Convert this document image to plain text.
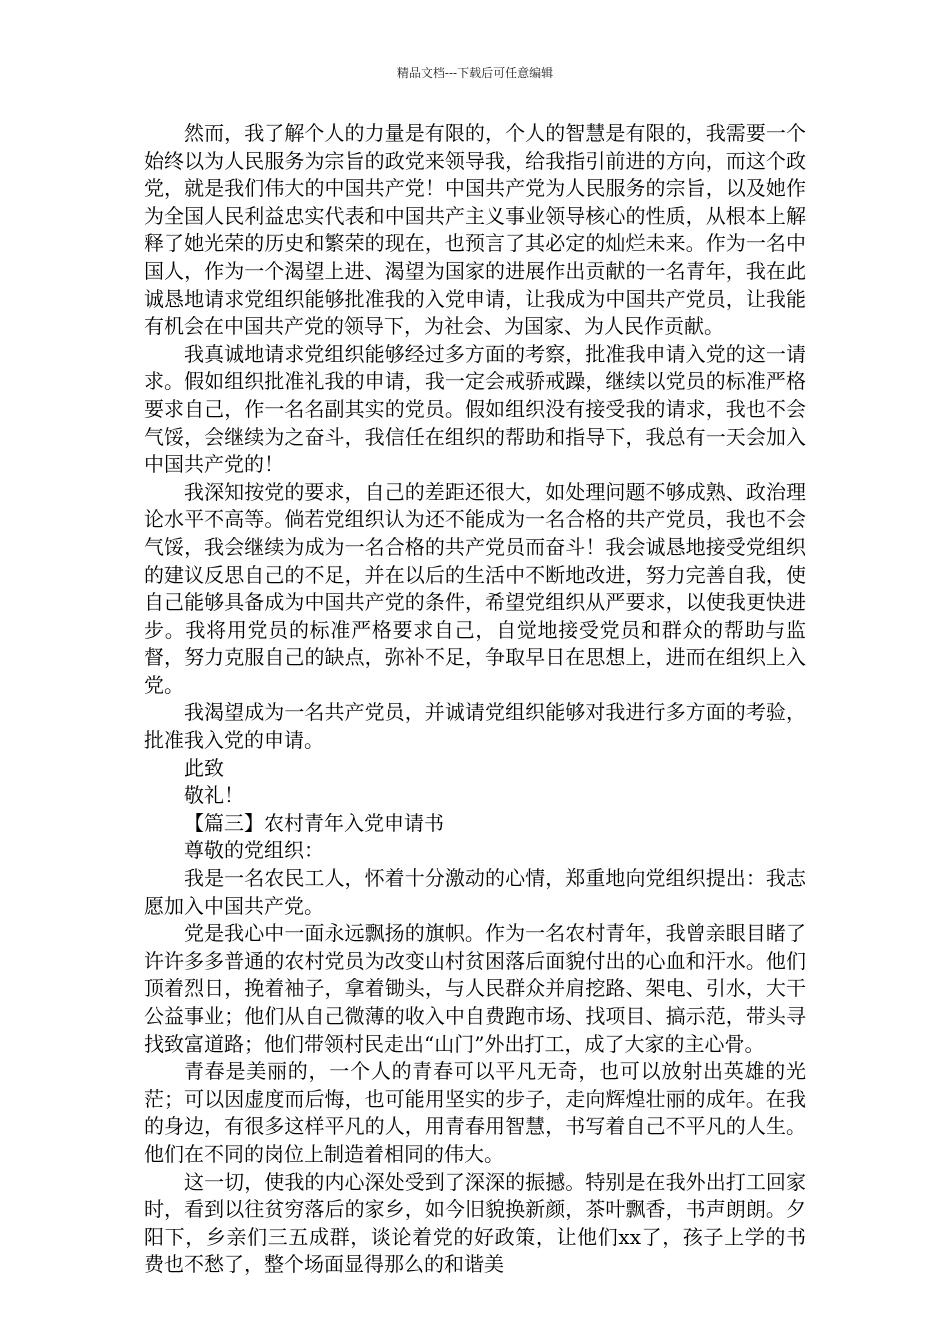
精品文档---下载后可任意编辑

然而，我了解个人的力量是有限的，个人的智慧是有限的，我需要一个始终以为人民服务为宗旨的政党来领导我，给我指引前进的方向，而这个政党，就是我们伟大的中国共产党！中国共产党为人民服务的宗旨，以及她作为全国人民利益忠实代表和中国共产主义事业领导核心的性质，从根本上解释了她光荣的历史和繁荣的现在，也预言了其必定的灿烂未来。作为一名中国人，作为一个渴望上进、渴望为国家的进展作出贡献的一名青年，我在此诚恳地请求党组织能够批准我的入党申请，让我成为中国共产党员，让我能有机会在中国共产党的领导下，为社会、为国家、为人民作贡献。

我真诚地请求党组织能够经过多方面的考察，批准我申请入党的这一请求。假如组织批准礼我的申请，我一定会戒骄戒躁，继续以党员的标准严格要求自己，作一名名副其实的党员。假如组织没有接受我的请求，我也不会气馁，会继续为之奋斗，我信任在组织的帮助和指导下，我总有一天会加入中国共产党的！

我深知按党的要求，自己的差距还很大，如处理问题不够成熟、政治理论水平不高等。倘若党组织认为还不能成为一名合格的共产党员，我也不会气馁，我会继续为成为一名合格的共产党员而奋斗！我会诚恳地接受党组织的建议反思自己的不足，并在以后的生活中不断地改进，努力完善自我，使自己能够具备成为中国共产党的条件，希望党组织从严要求，以使我更快进步。我将用党员的标准严格要求自己，自觉地接受党员和群众的帮助与监督，努力克服自己的缺点，弥补不足，争取早日在思想上，进而在组织上入党。

我渴望成为一名共产党员，并诚请党组织能够对我进行多方面的考验，批准我入党的申请。

此致

敬礼！

【篇三】农村青年入党申请书

尊敬的党组织：

我是一名农民工人，怀着十分激动的心情，郑重地向党组织提出：我志愿加入中国共产党。

党是我心中一面永远飘扬的旗帜。作为一名农村青年，我曾亲眼目睹了许许多多普通的农村党员为改变山村贫困落后面貌付出的心血和汗水。他们顶着烈日，挽着袖子，拿着锄头，与人民群众并肩挖路、架电、引水，大干公益事业；他们从自己微薄的收入中自费跑市场、找项目、搞示范，带头寻找致富道路；他们带领村民走出“山门”外出打工，成了大家的主心骨。

青春是美丽的，一个人的青春可以平凡无奇，也可以放射出英雄的光茫；可以因虚度而后悔，也可能用坚实的步子，走向辉煌壮丽的成年。在我的身边，有很多这样平凡的人，用青春用智慧，书写着自己不平凡的人生。他们在不同的岗位上制造着相同的伟大。

这一切，使我的内心深处受到了深深的振撼。特别是在我外出打工回家时，看到以往贫穷落后的家乡，如今旧貌换新颜，茶叶飘香，书声朗朗。夕阳下，乡亲们三五成群，谈论着党的好政策，让他们xx了，孩子上学的书费也不愁了，整个场面显得那么的和谐美
